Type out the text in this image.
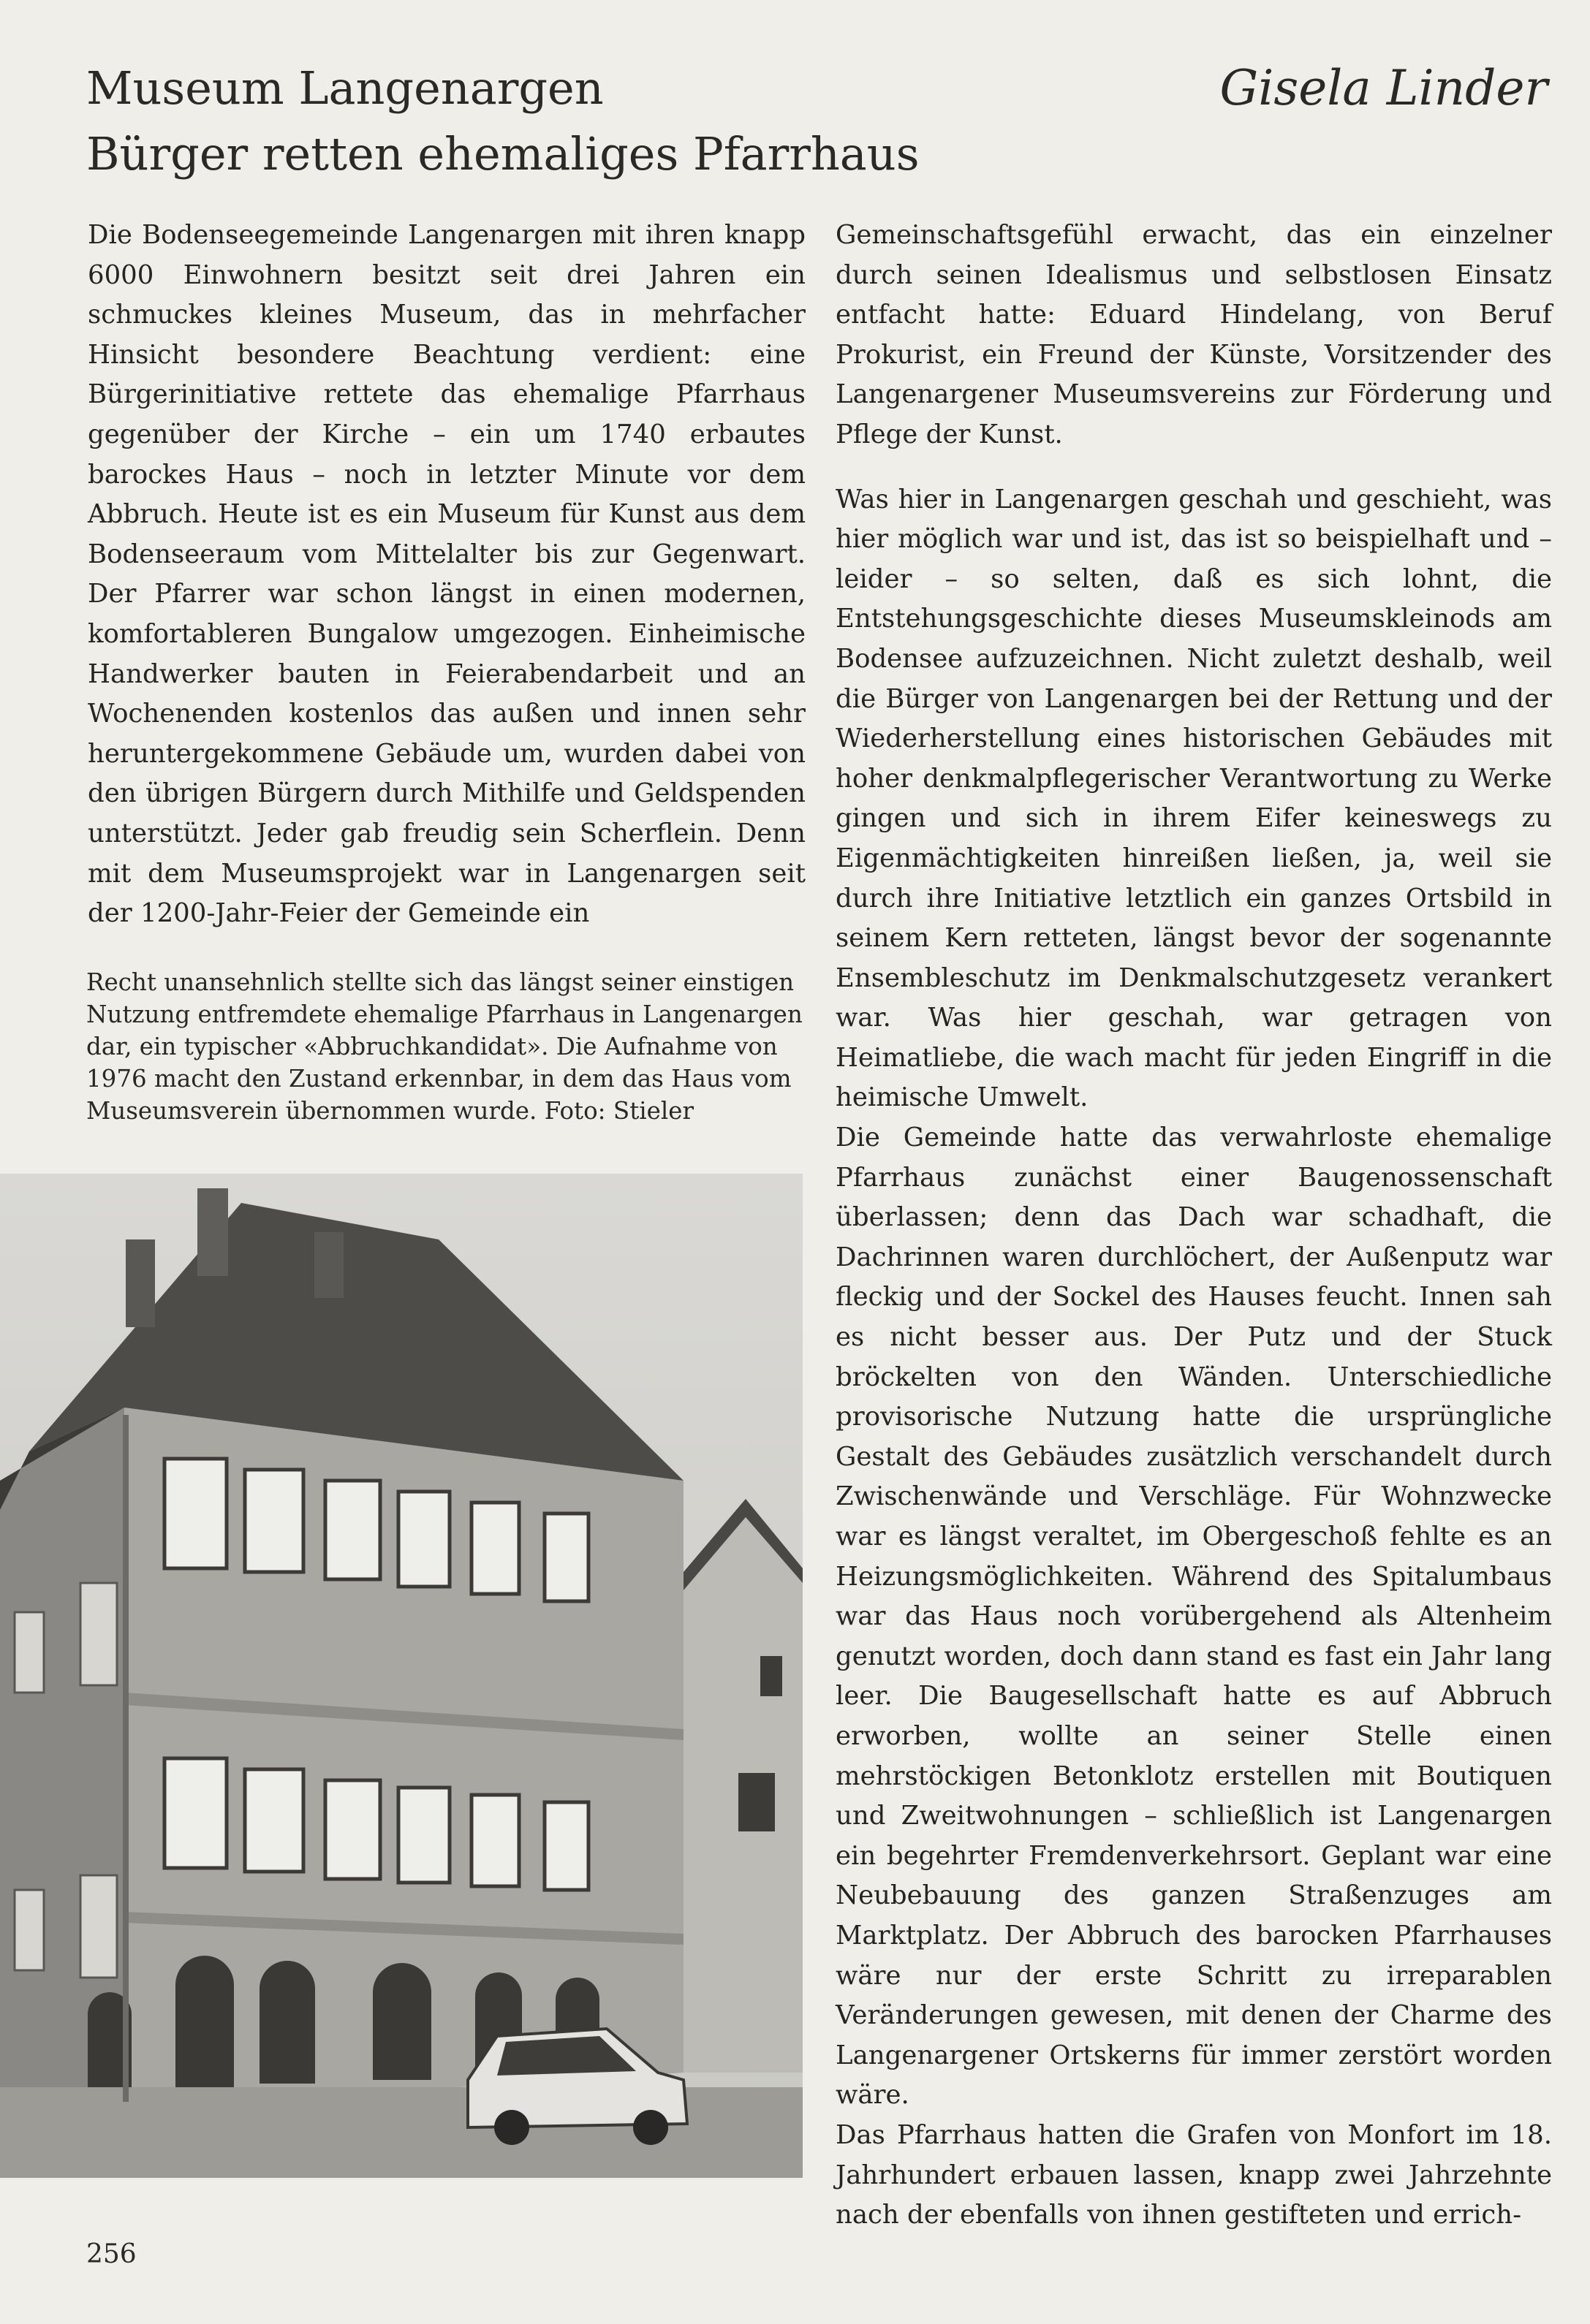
Museum Langenargen
Bürger retten ehemaliges Pfarrhaus
Gisela Linder

Die Bodenseegemeinde Langenargen mit ihren knapp 6000 Einwohnern besitzt seit drei Jahren ein schmuckes kleines Museum, das in mehrfacher Hinsicht besondere Beachtung verdient: eine Bürgerinitiative rettete das ehemalige Pfarrhaus gegenüber der Kirche – ein um 1740 erbautes barockes Haus – noch in letzter Minute vor dem Abbruch. Heute ist es ein Museum für Kunst aus dem Bodenseeraum vom Mittelalter bis zur Gegenwart. Der Pfarrer war schon längst in einen modernen, komfortableren Bungalow umgezogen. Einheimische Handwerker bauten in Feierabendarbeit und an Wochenenden kostenlos das außen und innen sehr heruntergekommene Gebäude um, wurden dabei von den übrigen Bürgern durch Mithilfe und Geldspenden unterstützt. Jeder gab freudig sein Scherflein. Denn mit dem Museumsprojekt war in Langenargen seit der 1200-Jahr-Feier der Gemeinde ein

Recht unansehnlich stellte sich das längst seiner einstigen Nutzung entfremdete ehemalige Pfarrhaus in Langenargen dar, ein typischer «Abbruchkandidat». Die Aufnahme von 1976 macht den Zustand erkennbar, in dem das Haus vom Museumsverein übernommen wurde. Foto: Stieler

Gemeinschaftsgefühl erwacht, das ein einzelner durch seinen Idealismus und selbstlosen Einsatz entfacht hatte: Eduard Hindelang, von Beruf Prokurist, ein Freund der Künste, Vorsitzender des Langenargener Museumsvereins zur Förderung und Pflege der Kunst.

Was hier in Langenargen geschah und geschieht, was hier möglich war und ist, das ist so beispielhaft und – leider – so selten, daß es sich lohnt, die Entstehungsgeschichte dieses Museumskleinods am Bodensee aufzuzeichnen. Nicht zuletzt deshalb, weil die Bürger von Langenargen bei der Rettung und der Wiederherstellung eines historischen Gebäudes mit hoher denkmalpflegerischer Verantwortung zu Werke gingen und sich in ihrem Eifer keineswegs zu Eigenmächtigkeiten hinreißen ließen, ja, weil sie durch ihre Initiative letztlich ein ganzes Ortsbild in seinem Kern retteten, längst bevor der sogenannte Ensembleschutz im Denkmalschutzgesetz verankert war. Was hier geschah, war getragen von Heimatliebe, die wach macht für jeden Eingriff in die heimische Umwelt.

Die Gemeinde hatte das verwahrloste ehemalige Pfarrhaus zunächst einer Baugenossenschaft überlassen; denn das Dach war schadhaft, die Dachrinnen waren durchlöchert, der Außenputz war fleckig und der Sockel des Hauses feucht. Innen sah es nicht besser aus. Der Putz und der Stuck bröckelten von den Wänden. Unterschiedliche provisorische Nutzung hatte die ursprüngliche Gestalt des Gebäudes zusätzlich verschandelt durch Zwischenwände und Verschläge. Für Wohnzwecke war es längst veraltet, im Obergeschoß fehlte es an Heizungsmöglichkeiten. Während des Spitalumbaus war das Haus noch vorübergehend als Altenheim genutzt worden, doch dann stand es fast ein Jahr lang leer. Die Baugesellschaft hatte es auf Abbruch erworben, wollte an seiner Stelle einen mehrstöckigen Betonklotz erstellen mit Boutiquen und Zweitwohnungen – schließlich ist Langenargen ein begehrter Fremdenverkehrsort. Geplant war eine Neubebauung des ganzen Straßenzuges am Marktplatz. Der Abbruch des barocken Pfarrhauses wäre nur der erste Schritt zu irreparablen Veränderungen gewesen, mit denen der Charme des Langenargener Ortskerns für immer zerstört worden wäre.

Das Pfarrhaus hatten die Grafen von Monfort im 18. Jahrhundert erbauen lassen, knapp zwei Jahrzehnte nach der ebenfalls von ihnen gestifteten und errich-

256
